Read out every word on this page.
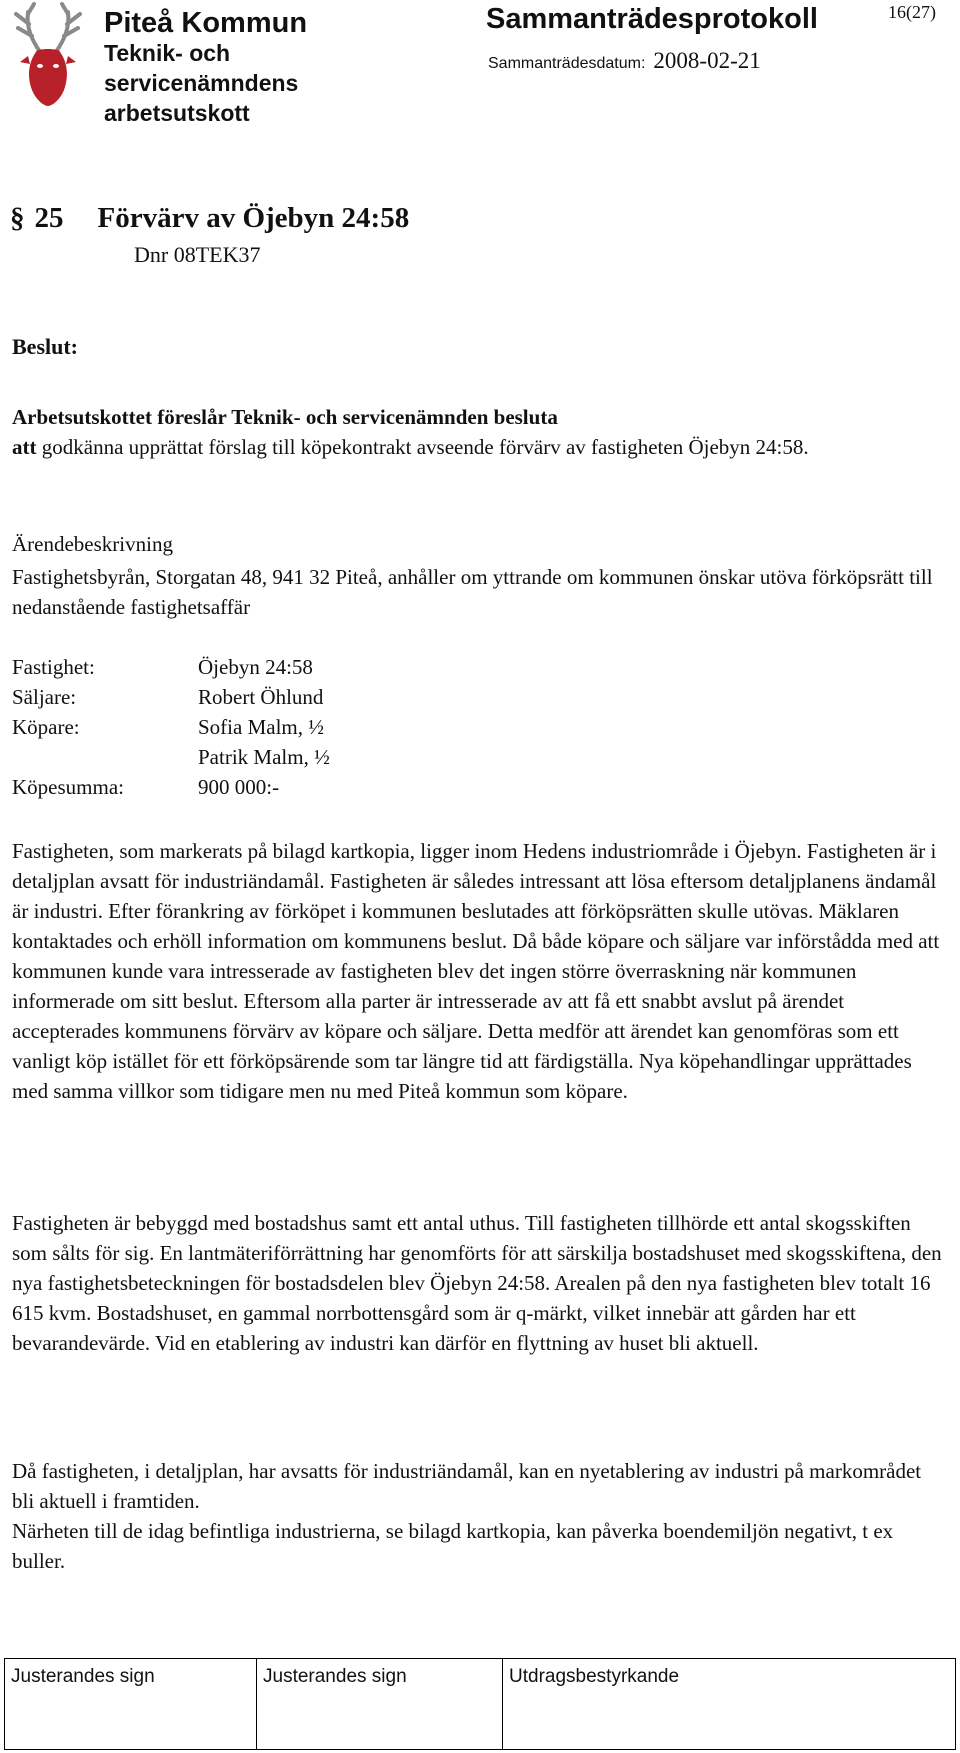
Piteå Kommun
Teknik- och servicenämndens arbetsutskott
Sammanträdesprotokoll	16(27)
Sammanträdesdatum: 2008-02-21
§ 25 Förvärv av Öjebyn 24:58
Dnr 08TEK37
Beslut:
Arbetsutskottet föreslår Teknik- och servicenämnden besluta
att godkänna upprättat förslag till köpekontrakt avseende förvärv av fastigheten Öjebyn 24:58.
Ärendebeskrivning
Fastighetsbyrån, Storgatan 48, 941 32 Piteå, anhåller om yttrande om kommunen önskar utöva förköpsrätt till nedanstående fastighetsaffär
Fastighet:	Öjebyn 24:58
Säljare:	Robert Öhlund
Köpare:	Sofia Malm, ½
Patrik Malm, ½
Köpesumma:	900 000:-
Fastigheten, som markerats på bilagd kartkopia, ligger inom Hedens industriområde i Öjebyn. Fastigheten är i detaljplan avsatt för industriändamål. Fastigheten är således intressant att lösa eftersom detaljplanens ändamål är industri. Efter förankring av förköpet i kommunen beslutades att förköpsrätten skulle utövas. Mäklaren kontaktades och erhöll information om kommunens beslut. Då både köpare och säljare var införstådda med att kommunen kunde vara intresserade av fastigheten blev det ingen större överraskning när kommunen informerade om sitt beslut. Eftersom alla parter är intresserade av att få ett snabbt avslut på ärendet accepterades kommunens förvärv av köpare och säljare. Detta medför att ärendet kan genomföras som ett vanligt köp istället för ett förköpsärende som tar längre tid att färdigställa. Nya köpehandlingar upprättades med samma villkor som tidigare men nu med Piteå kommun som köpare.
Fastigheten är bebyggd med bostadshus samt ett antal uthus. Till fastigheten tillhörde ett antal skogsskiften som sålts för sig. En lantmäteriförrättning har genomförts för att särskilja bostadshuset med skogsskiftena, den nya fastighetsbeteckningen för bostadsdelen blev Öjebyn 24:58. Arealen på den nya fastigheten blev totalt 16 615 kvm. Bostadshuset, en gammal norrbottensgård som är q-märkt, vilket innebär att gården har ett bevarandevärde. Vid en etablering av industri kan därför en flyttning av huset bli aktuell.
Då fastigheten, i detaljplan, har avsatts för industriändamål, kan en nyetablering av industri på markområdet bli aktuell i framtiden.
Närheten till de idag befintliga industrierna, se bilagd kartkopia, kan påverka boendemiljön negativt, t ex buller.
Justerandes sign	Justerandes sign	Utdragsbestyrkande
